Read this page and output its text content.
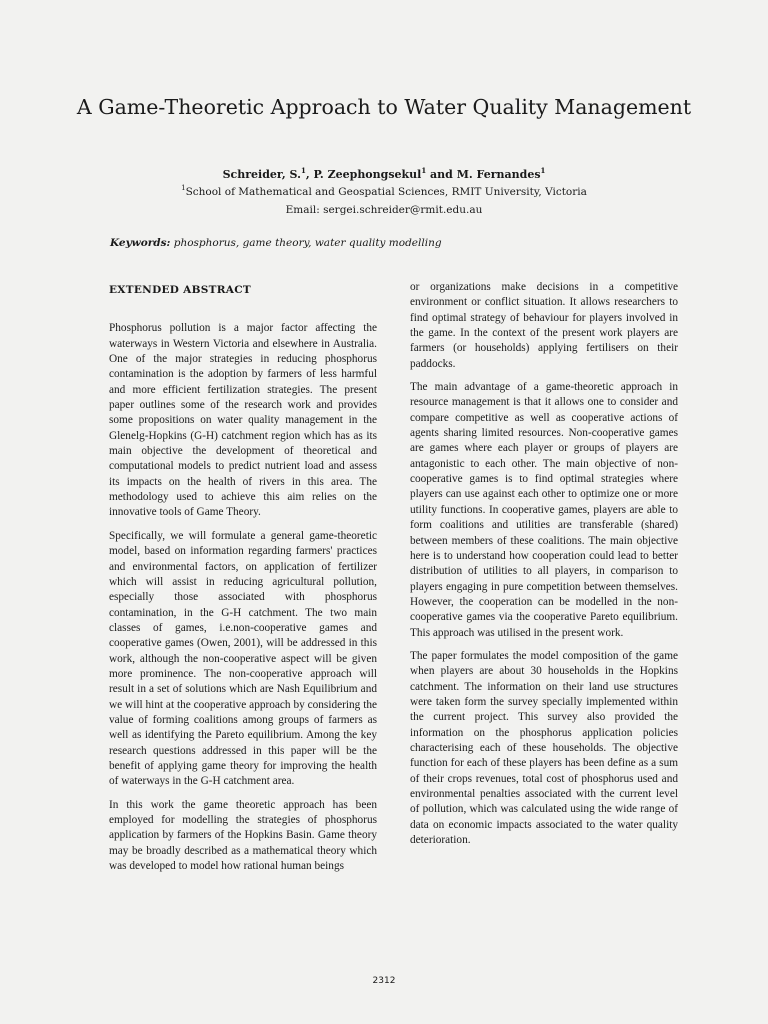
A Game-Theoretic Approach to Water Quality Management
Schreider, S.$^1$, P. Zeephongsekul$^1$ and M. Fernandes$^1$
$^1$School of Mathematical and Geospatial Sciences, RMIT University, Victoria
Email: sergei.schreider@rmit.edu.au
Keywords: phosphorus, game theory, water quality modelling
EXTENDED ABSTRACT

Phosphorus pollution is a major factor affecting the waterways in Western Victoria and elsewhere in Australia. One of the major strategies in reducing phosphorus contamination is the adoption by farmers of less harmful and more efficient fertilization strategies. The present paper outlines some of the research work and provides some propositions on water quality management in the Glenelg-Hopkins (G-H) catchment region which has as its main objective the development of theoretical and computational models to predict nutrient load and assess its impacts on the health of rivers in this area. The methodology used to achieve this aim relies on the innovative tools of Game Theory.

Specifically, we will formulate a general game-theoretic model, based on information regarding farmers' practices and environmental factors, on application of fertilizer which will assist in reducing agricultural pollution, especially those associated with phosphorus contamination, in the G-H catchment. The two main classes of games, i.e.non-cooperative games and cooperative games (Owen, 2001), will be addressed in this work, although the non-cooperative aspect will be given more prominence. The non-cooperative approach will result in a set of solutions which are Nash Equilibrium and we will hint at the cooperative approach by considering the value of forming coalitions among groups of farmers as well as identifying the Pareto equilibrium. Among the key research questions addressed in this paper will be the benefit of applying game theory for improving the health of waterways in the G-H catchment area.

In this work the game theoretic approach has been employed for modelling the strategies of phosphorus application by farmers of the Hopkins Basin. Game theory may be broadly described as a mathematical theory which was developed to model how rational human beings

or organizations make decisions in a competitive environment or conflict situation. It allows researchers to find optimal strategy of behaviour for players involved in the game. In the context of the present work players are farmers (or households) applying fertilisers on their paddocks.

The main advantage of a game-theoretic approach in resource management is that it allows one to consider and compare competitive as well as cooperative actions of agents sharing limited resources. Non-cooperative games are games where each player or groups of players are antagonistic to each other. The main objective of non-cooperative games is to find optimal strategies where players can use against each other to optimize one or more utility functions. In cooperative games, players are able to form coalitions and utilities are transferable (shared) between members of these coalitions. The main objective here is to understand how cooperation could lead to better distribution of utilities to all players, in comparison to players engaging in pure competition between themselves. However, the cooperation can be modelled in the non-cooperative games via the cooperative Pareto equilibrium. This approach was utilised in the present work.

The paper formulates the model composition of the game when players are about 30 households in the Hopkins catchment. The information on their land use structures were taken form the survey specially implemented within the current project. This survey also provided the information on the phosphorus application policies characterising each of these households. The objective function for each of these players has been define as a sum of their crops revenues, total cost of phosphorus used and environmental penalties associated with the current level of pollution, which was calculated using the wide range of data on economic impacts associated to the water quality deterioration.

2312
